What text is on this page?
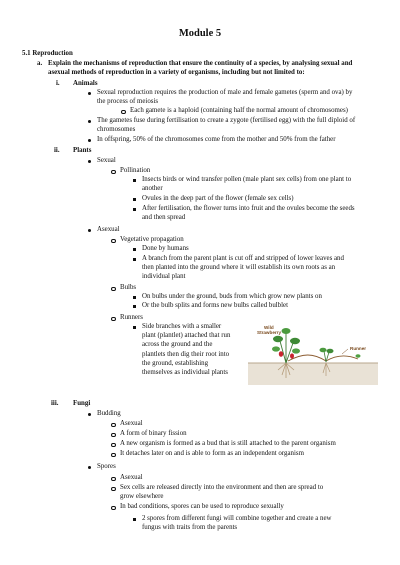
Module 5
5.1 Reproduction
a. Explain the mechanisms of reproduction that ensure the continuity of a species, by analysing sexual and
asexual methods of reproduction in a variety of organisms, including but not limited to:
i. Animals
Sexual reproduction requires the production of male and female gametes (sperm and ova) by
the process of meiosis
Each gamete is a haploid (containing half the normal amount of chromosomes)
The gametes fuse during fertilisation to create a zygote (fertilised egg) with the full diploid of
chromosomes
In offspring, 50% of the chromosomes come from the mother and 50% from the father
ii. Plants
Sexual
Pollination
Insects birds or wind transfer pollen (male plant sex cells) from one plant to
another
Ovules in the deep part of the flower (female sex cells)
After fertilisation, the flower turns into fruit and the ovules become the seeds
and then spread
Asexual
Vegetative propagation
Done by humans
A branch from the parent plant is cut off and stripped of lower leaves and
then planted into the ground where it will establish its own roots as an
individual plant
Bulbs
On bulbs under the ground, buds from which grow new plants on
Or the bulb splits and forms new bulbs called bulblet
Runners
Side branches with a smaller
plant (plantlet) attached that run
across the ground and the
plantlets then dig their root into
the ground, establishing
themselves as individual plants
Wild
Strawberry
Runner
iii. Fungi
Budding
Asexual
A form of binary fission
A new organism is formed as a bud that is still attached to the parent organism
It detaches later on and is able to form as an independent organism
Spores
Asexual
Sex cells are released directly into the environment and then are spread to
grow elsewhere
In bad conditions, spores can be used to reproduce sexually
2 spores from different fungi will combine together and create a new
fungus with traits from the parents
